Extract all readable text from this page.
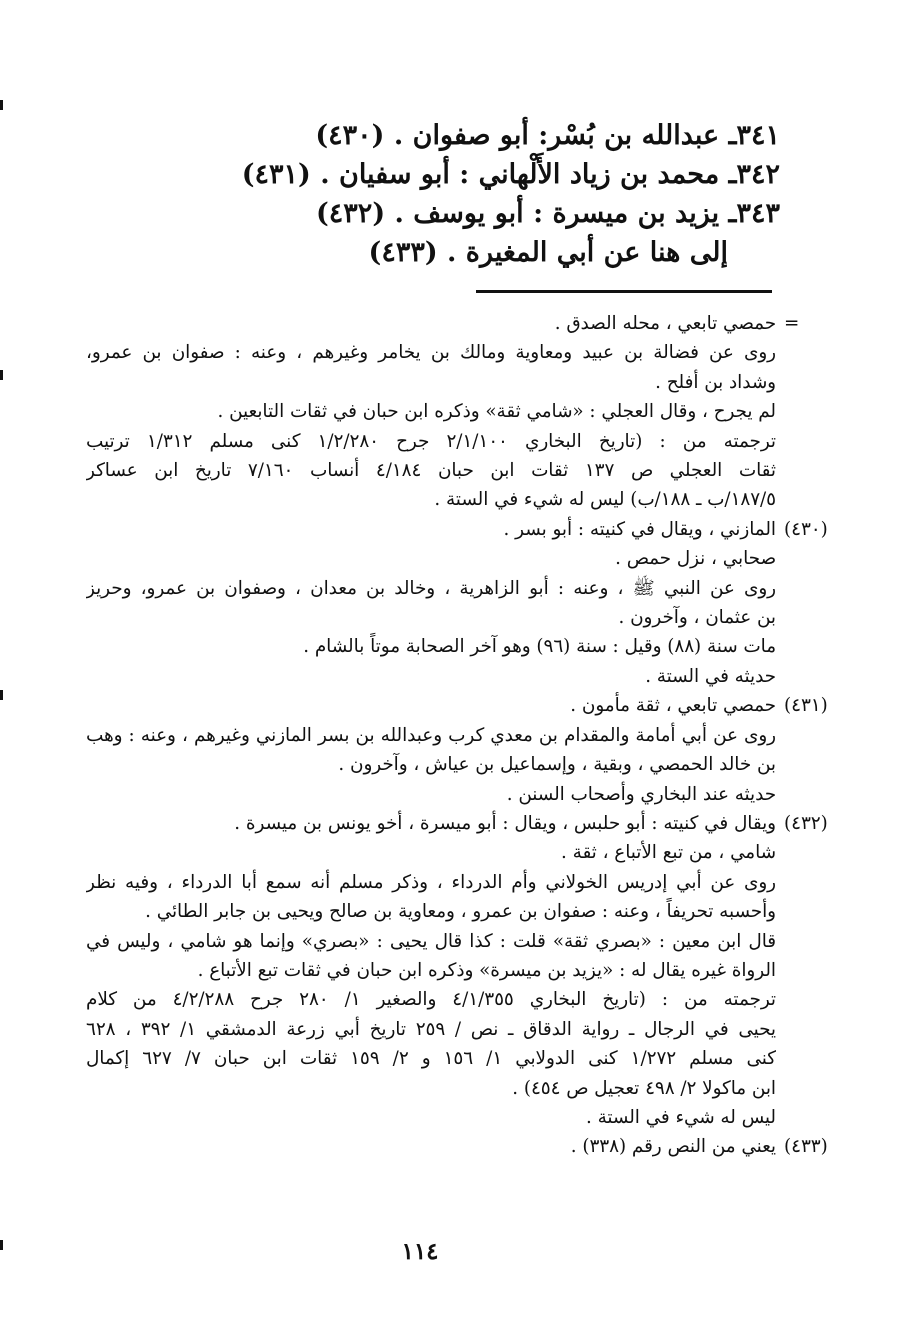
٣٤١ـ عبدالله بن بُسْر: أبو صفوان . (٤٣٠)
٣٤٢ـ محمد بن زياد الأَلْهاني : أبو سفيان . (٤٣١)
٣٤٣ـ يزيد بن ميسرة : أبو يوسف . (٤٣٢)
إلى هنا عن أبي المغيرة . (٤٣٣)
=
حمصي تابعي ، محله الصدق .
روى عن فضالة بن عبيد ومعاوية ومالك بن يخامر وغيرهم ، وعنه : صفوان بن عمرو،
وشداد بن أفلح .
لم يجرح ، وقال العجلي : «شامي ثقة» وذكره ابن حبان في ثقات التابعين .
ترجمته من : (تاريخ البخاري ٢/١/١٠٠ جرح ١/٢/٢٨٠ كنى مسلم ١/٣١٢ ترتيب
ثقات العجلي ص ١٣٧ ثقات ابن حبان ٤/١٨٤ أنساب ٧/١٦٠ تاريخ ابن عساكر
١٨٧/٥/ب ـ ١٨٨/ب) ليس له شيء في الستة .
(٤٣٠)
المازني ، ويقال في كنيته : أبو بسر .
صحابي ، نزل حمص .
روى عن النبي ﷺ ، وعنه : أبو الزاهرية ، وخالد بن معدان ، وصفوان بن عمرو، وحريز
بن عثمان ، وآخرون .
مات سنة (٨٨) وقيل : سنة (٩٦) وهو آخر الصحابة موتاً بالشام .
حديثه في الستة .
(٤٣١)
حمصي تابعي ، ثقة مأمون .
روى عن أبي أمامة والمقدام بن معدي كرب وعبدالله بن بسر المازني وغيرهم ، وعنه : وهب
بن خالد الحمصي ، وبقية ، وإسماعيل بن عياش ، وآخرون .
حديثه عند البخاري وأصحاب السنن .
(٤٣٢)
ويقال في كنيته : أبو حلبس ، ويقال : أبو ميسرة ، أخو يونس بن ميسرة .
شامي ، من تبع الأتباع ، ثقة .
روى عن أبي إدريس الخولاني وأم الدرداء ، وذكر مسلم أنه سمع أبا الدرداء ، وفيه نظر
وأحسبه تحريفاً ، وعنه : صفوان بن عمرو ، ومعاوية بن صالح ويحيى بن جابر الطائي .
قال ابن معين : «بصري ثقة» قلت : كذا قال يحيى : «بصري» وإنما هو شامي ، وليس في
الرواة غيره يقال له : «يزيد بن ميسرة» وذكره ابن حبان في ثقات تبع الأتباع .
ترجمته من : (تاريخ البخاري ٤/١/٣٥٥ والصغير ١/ ٢٨٠ جرح ٤/٢/٢٨٨ من كلام
يحيى في الرجال ـ رواية الدقاق ـ نص / ٢٥٩ تاريخ أبي زرعة الدمشقي ١/ ٣٩٢ ، ٦٢٨
كنى مسلم ١/٢٧٢ كنى الدولابي ١/ ١٥٦ و ٢/ ١٥٩ ثقات ابن حبان ٧/ ٦٢٧ إكمال
ابن ماكولا ٢/ ٤٩٨ تعجيل ص ٤٥٤) .
ليس له شيء في الستة .
(٤٣٣)
يعني من النص رقم (٣٣٨) .
١١٤
